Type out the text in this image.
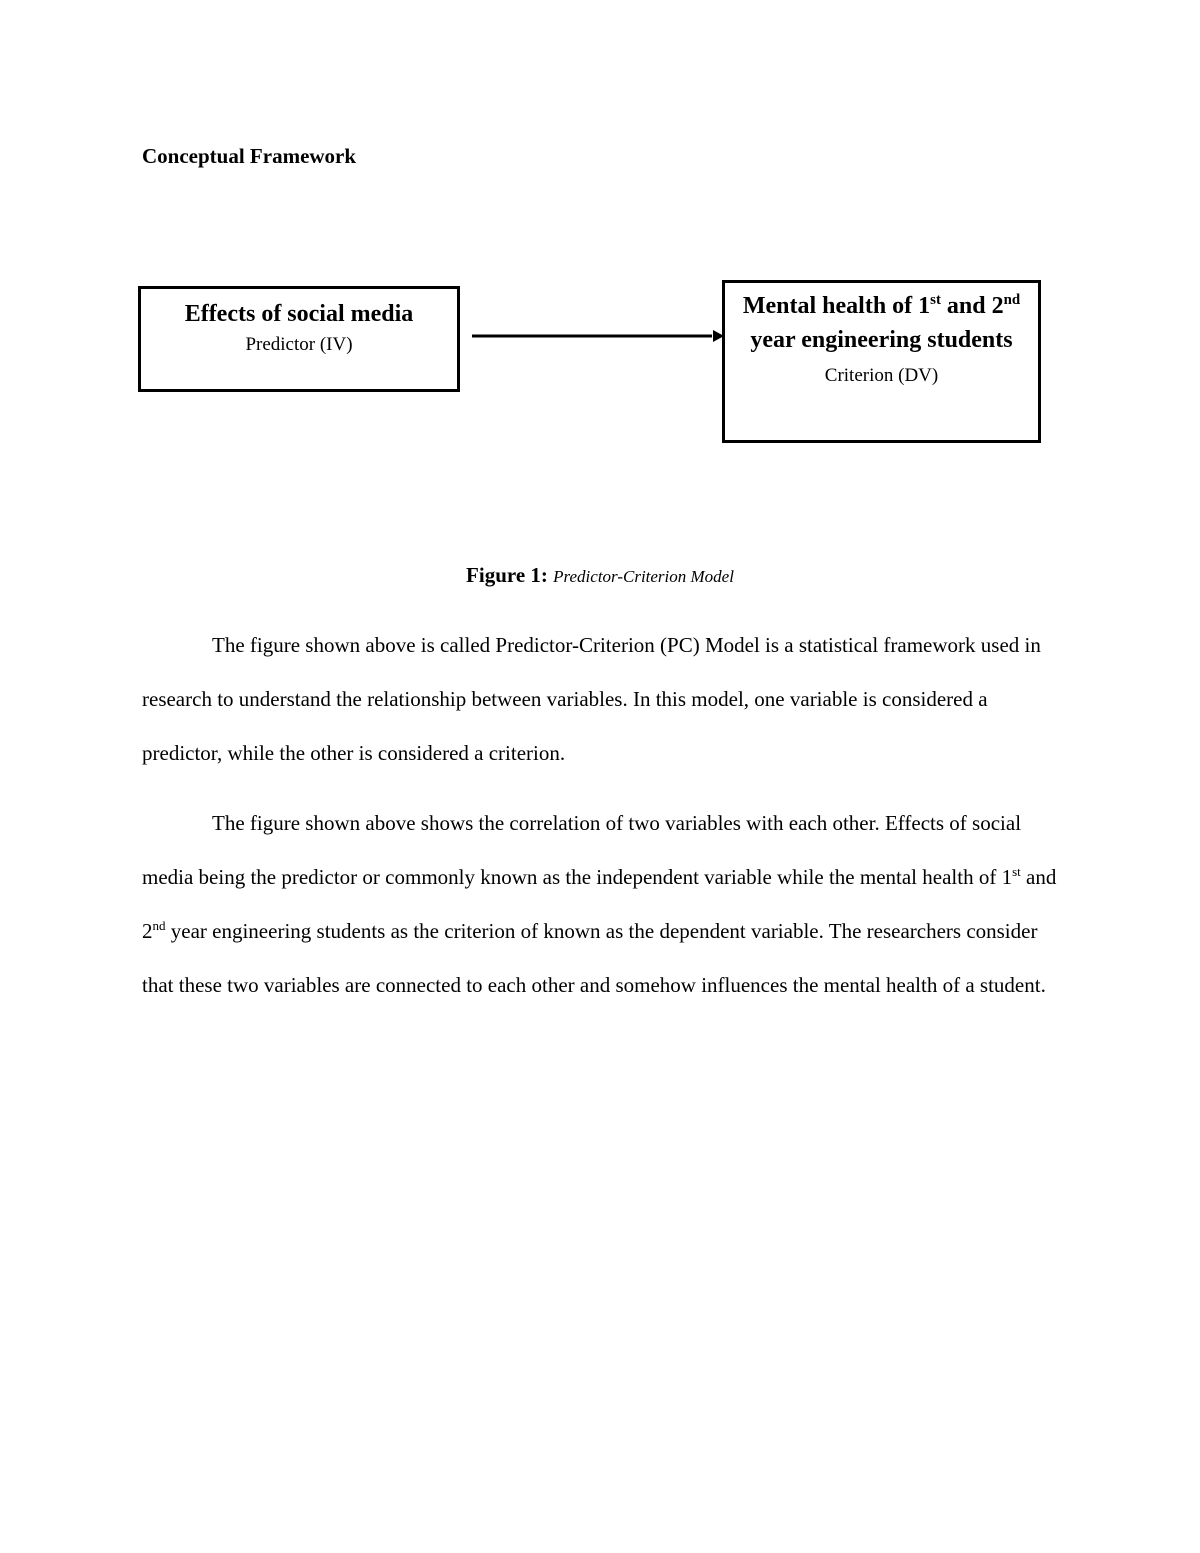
Conceptual Framework
Effects of social media
Predictor (IV)
Mental health of 1st and 2nd year engineering students
Criterion (DV)
Figure 1: Predictor-Criterion Model

The figure shown above is called Predictor-Criterion (PC) Model is a statistical framework used in research to understand the relationship between variables. In this model, one variable is considered a predictor, while the other is considered a criterion.

The figure shown above shows the correlation of two variables with each other. Effects of social media being the predictor or commonly known as the independent variable while the mental health of 1st and 2nd year engineering students as the criterion of known as the dependent variable. The researchers consider that these two variables are connected to each other and somehow influences the mental health of a student.
